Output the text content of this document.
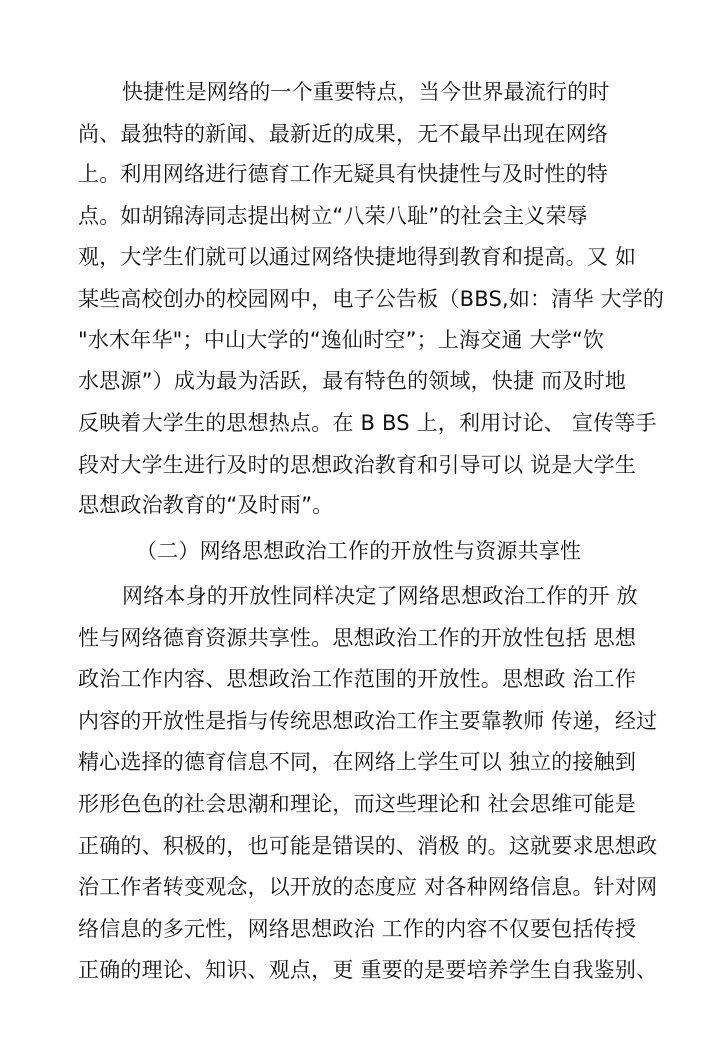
快捷性是网络的一个重要特点，当今世界最流行的时
尚、最独特的新闻、最新近的成果，无不最早出现在网络
上。利用网络进行德育工作无疑具有快捷性与及时性的特
点。如胡锦涛同志提出树立“八荣八耻”的社会主义荣辱
观，大学生们就可以通过网络快捷地得到教育和提高。又 如
某些高校创办的校园网中，电子公告板（BBS,如：清华 大学的
"水木年华"；中山大学的“逸仙时空”；上海交通 大学“饮
水思源”）成为最为活跃，最有特色的领域，快捷 而及时地
反映着大学生的思想热点。在 B BS 上，利用讨论、 宣传等手
段对大学生进行及时的思想政治教育和引导可以 说是大学生
思想政治教育的“及时雨”。
（二）网络思想政治工作的开放性与资源共享性
网络本身的开放性同样决定了网络思想政治工作的开 放
性与网络德育资源共享性。思想政治工作的开放性包括 思想
政治工作内容、思想政治工作范围的开放性。思想政 治工作
内容的开放性是指与传统思想政治工作主要靠教师 传递，经过
精心选择的德育信息不同，在网络上学生可以 独立的接触到
形形色色的社会思潮和理论，而这些理论和 社会思维可能是
正确的、积极的，也可能是错误的、消极 的。这就要求思想政
治工作者转变观念，以开放的态度应 对各种网络信息。针对网
络信息的多元性，网络思想政治 工作的内容不仅要包括传授
正确的理论、知识、观点，更 重要的是要培养学生自我鉴别、
